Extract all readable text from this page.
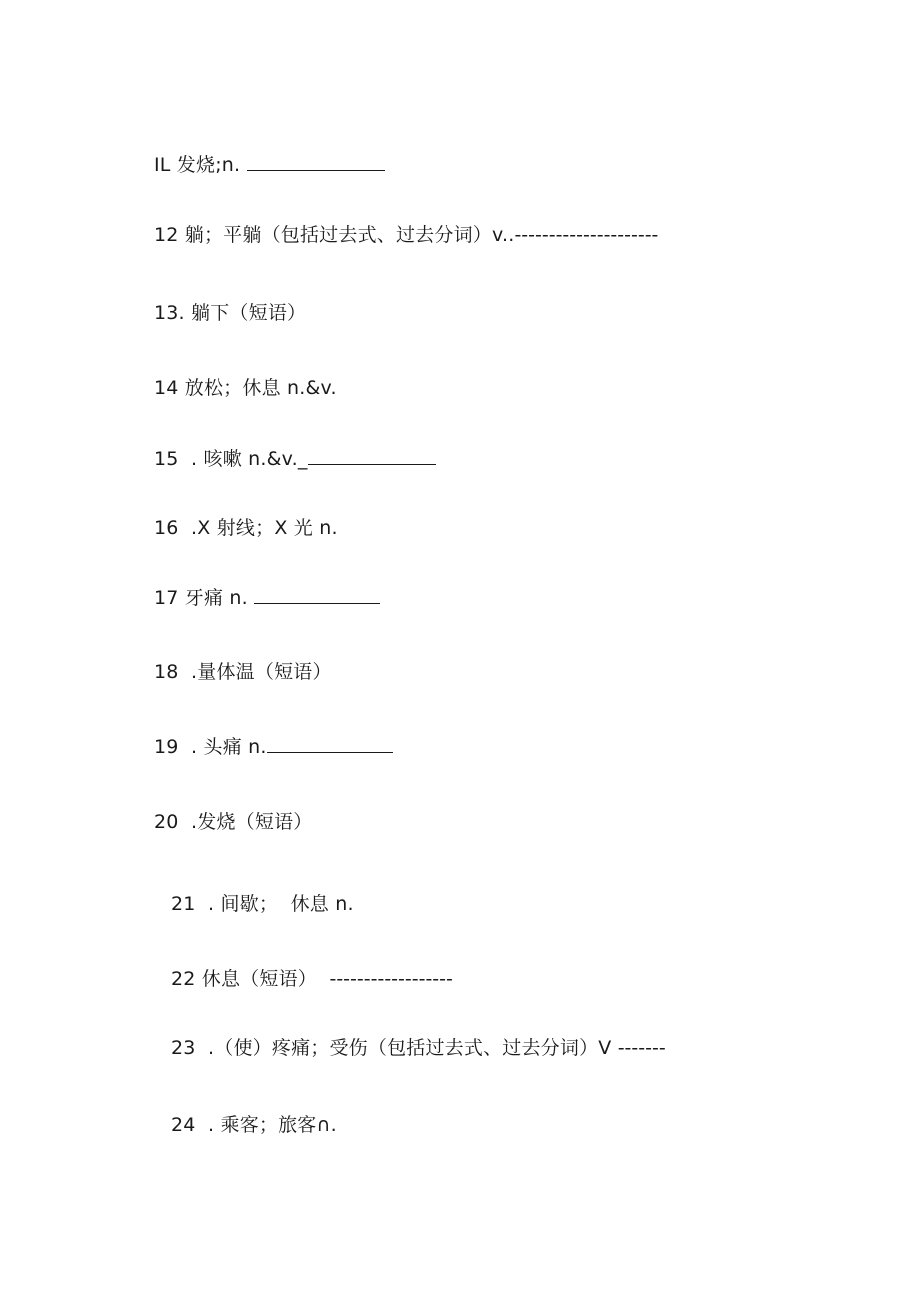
IL 发烧;n.

12 躺；平躺（包括过去式、过去分词）v..---------------------

13. 躺下（短语）

14 放松；休息 n.&v.

15  . 咳嗽 n.&v._

16  .X 射线；X 光 n.

17 牙痛 n.

18  .量体温（短语）

19  . 头痛 n.

20  .发烧（短语）

21  . 间歇；  休息 n.

22 休息（短语）  ------------------

23  .（使）疼痛；受伤（包括过去式、过去分词）V -------

24  . 乘客；旅客∩.
